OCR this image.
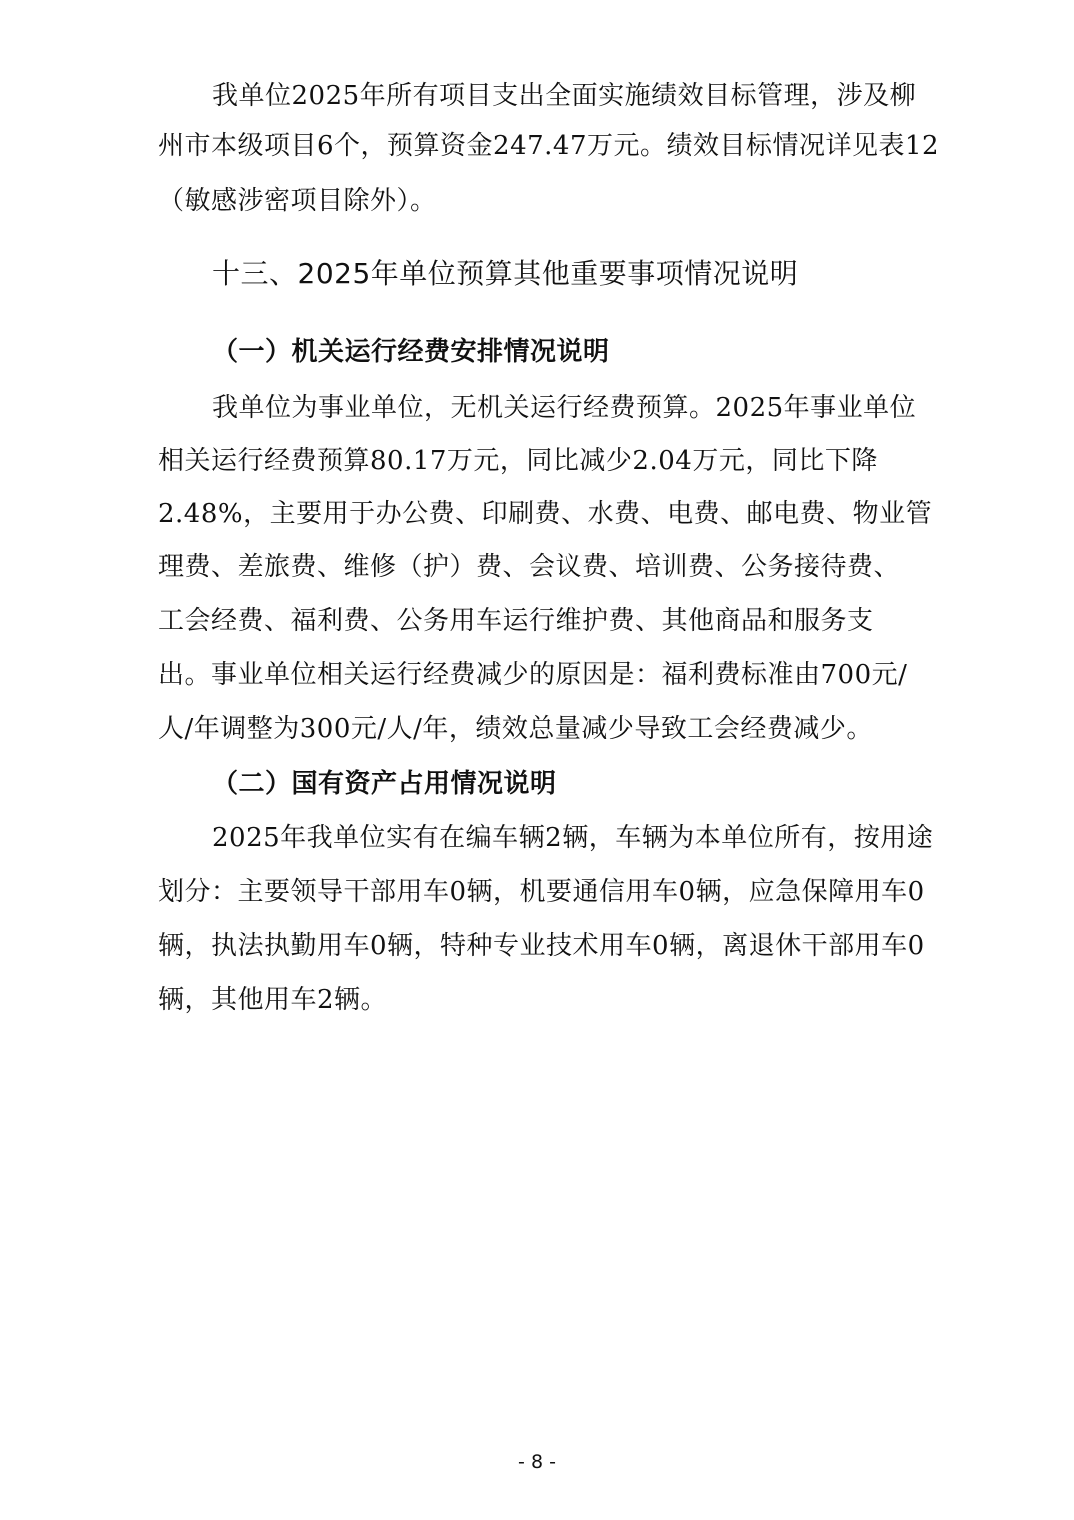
我单位2025年所有项目支出全面实施绩效目标管理，涉及柳
州市本级项目6个，预算资金247.47万元。绩效目标情况详见表12
（敏感涉密项目除外）。
十三、2025年单位预算其他重要事项情况说明
（一）机关运行经费安排情况说明
我单位为事业单位，无机关运行经费预算。2025年事业单位
相关运行经费预算80.17万元，同比减少2.04万元，同比下降
2.48%，主要用于办公费、印刷费、水费、电费、邮电费、物业管
理费、差旅费、维修（护）费、会议费、培训费、公务接待费、
工会经费、福利费、公务用车运行维护费、其他商品和服务支
出。事业单位相关运行经费减少的原因是：福利费标准由700元/
人/年调整为300元/人/年，绩效总量减少导致工会经费减少。
（二）国有资产占用情况说明
2025年我单位实有在编车辆2辆，车辆为本单位所有，按用途
划分：主要领导干部用车0辆，机要通信用车0辆，应急保障用车0
辆，执法执勤用车0辆，特种专业技术用车0辆，离退休干部用车0
辆，其他用车2辆。
- 8 -
